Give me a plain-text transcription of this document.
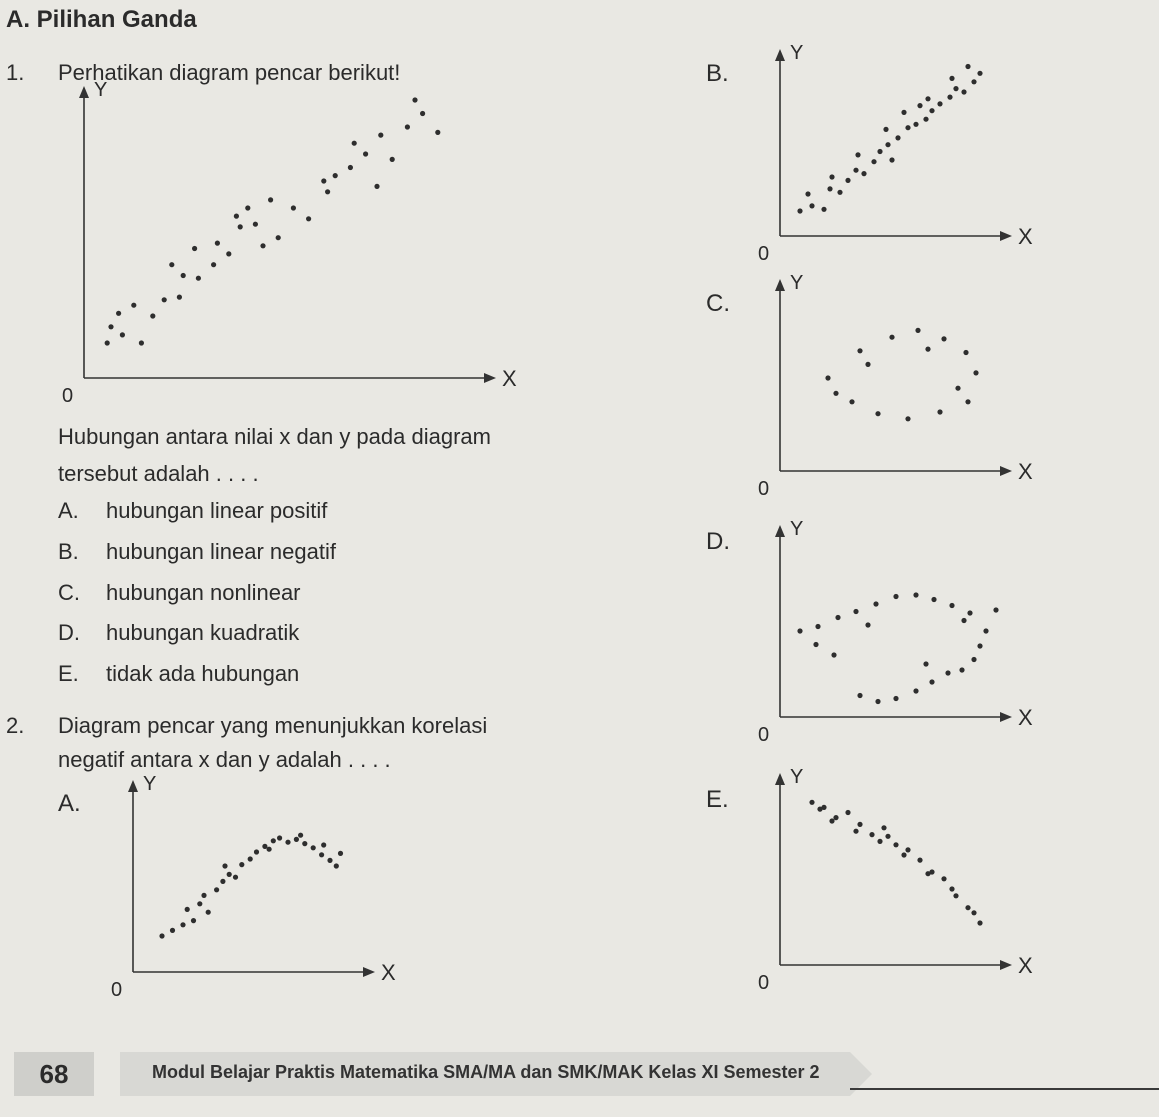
A. Pilihan Ganda
1. Perhatikan diagram pencar berikut!
Hubungan antara nilai x dan y pada diagram
tersebut adalah . . . .
A. hubungan linear positif
B. hubungan linear negatif
C. hubungan nonlinear
D. hubungan kuadratik
E. tidak ada hubungan
2. Diagram pencar yang menunjukkan korelasi
negatif antara x dan y adalah . . . .
A.
B.
C.
D.
E.
X
Y
0
X
Y
0
X
Y
0
X
Y
0
X
Y
0
X
Y
0
68	Modul Belajar Praktis Matematika SMA/MA dan SMK/MAK Kelas XI Semester 2
